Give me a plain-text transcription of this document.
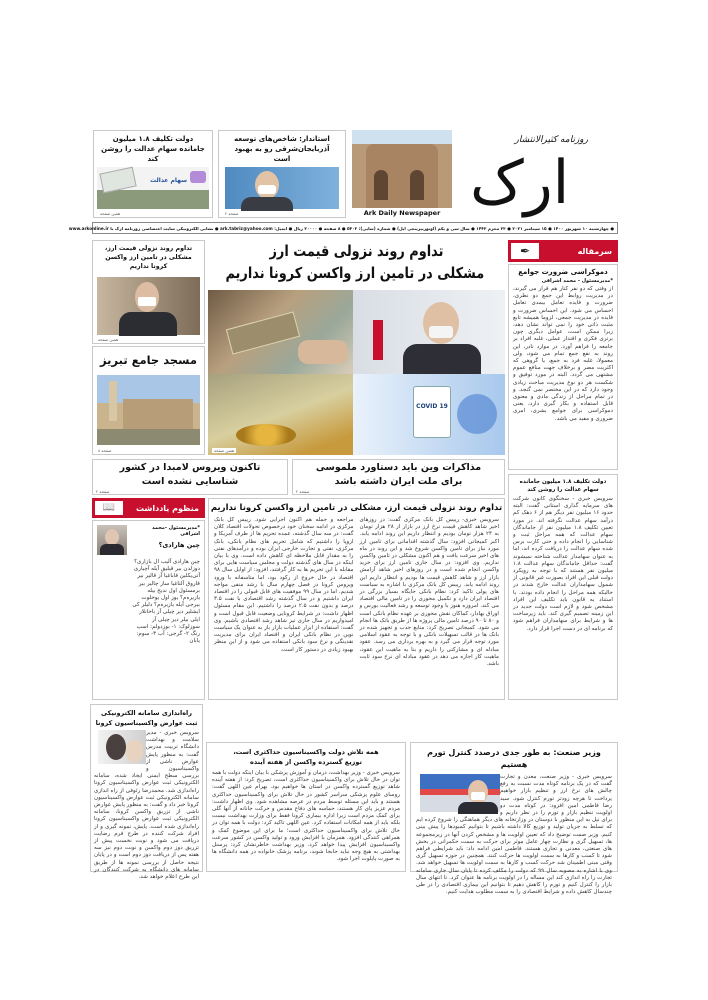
روزنامه کثیرالانتشار
ارک
Ark Daily Newspaper
استاندار: شاخص‌های توسعه آذربایجان‌شرقی رو به بهبود است
صفحه ۲
دولت تکلیف ۱.۸ میلیون جامانده سهام عدالت را روشن کند
سهام عدالت
همین صفحه
● چهارشنبه ۱۰ شهریور ۱۴۰۰ ● ۱۵ سپتامبر ۲۰۲۱ ● ۲۳ محرم ۱۴۴۳ ● سال سی و یکم (اوتوزبیرینجی ایل) ● شماره (سایی): ۵۴۰۲ ● ۸ صفحه ● ۲۰۰۰۰ ریال ● ایمیل: ark.tabriz@yahoo.com ● نشانی الکترونیکی سایت اختصاصی روزنامه ارک با www.arkonline.ir
سرمقاله
✒
دموکراسی ضرورت جوامع
*مدیرمسئول - محمد اشراقی
از وقتی که دو نفر کنار هم قرار می گیرند، در مدیریت روابط این جمع دو نظری، ضرورت و فایده تعامل بیمدی تعامل احساس می شود. این احساس ضرورت و فایده در مدیریت جمعی، لزوما همیشه تابع مثبت ذاتی خود را نمی تواند نشان دهد، زیرا ممکن است، عوامل دیگری چون برتری فکری و اقتدار عملی، غلبه افراد بر جامعه را فراهم آورد. در موارد نادر، این روند به نفع جمع تمام می شود، ولی معمولا، غلبه فرد به جمع، یا گروهی که اکثریت مضر و برخلاف جهت منافع عموم مشتهی می گردد. البته در مورد توفیق و شکست هر دو نوع مدیریت مباحث زیادی وجود دارد که در این مختصر نمی گنجد. و در تمام مراحل از زندگی مادی و معنوی قابل استفاده و بکار گیری دارد، یعنی دموکراسی برای جوامع بشری، امری ضروری و مفید می باشد.
تداوم روند نزولی قیمت ارز
مشکلی در تامین ارز واکسن کرونا نداریم
همین صفحه
COVID 19
تداوم روند نزولی قیمت ارز، مشکلی در تامین ارز واکسن کرونا نداریم
همین صفحه
مسجد جامع تبریز
صفحه ۸
مذاکرات وین باید دستاورد ملموسی برای ملت ایران داشته باشد
صفحه ۲
تاکنون ویروس لامبدا در کشور شناسایی نشده است
صفحه ۲
دولت تکلیف ۱.۸ میلیون جامانده سهام عدالت را روشن کند
سرویس خبری - سخنگوی کانون شرکت های سرمایه گذاری استانی گفت: البته حدود ۱۶ میلیون نفر دیگر هم از ۶ دهک کم درآمد سهام عدالت نگرفته اند. در مورد تعیین تکلیف ۱.۸ میلیون نفر از جاماندگان سهام عدالت که همه مراحل ثبت و شناسایی را انجام داده و حتی کارت برس شده سهام عدالت را دریافت کرده اند، اما به عنوان سهامدار عدالت شناخته نمیشوند گفت: حداقل جاماندگان سهام عدالت ۱.۸ میلیون نفر هستند که با توجه به رویکرد دولت قبلی این افراد بصورت غیر قانونی از شمول سهامداران عدالت خارج شدند در حالیکه همه مراحل را انجام داده بودند. با استناد به قانون باید تکلیف این افراد مشخص شود و لازم است دولت جدید در این زمینه تصمیم گیری کند. باید زیرساخت ها و شرایط برای سهامداران فراهم شود که برنامه ای در دست اجرا قرار دارد.
منظوم یادداشت
📖
*مدیرمسئول -محمد اشراقی
چین هارادی؟
چین هارادی آلیب ال بازاری؟ دوزلدن بیر قیلیق آیله آچیاری آتی‌یکلین قاباغیا آز قالیر بیر قاروق آلتاغیا ساز چالیر بیر برمسئول اول ندیخ بیله یازیره‌م؟ یوز اول یوخلوت بیرجی آیله یازیره‌م؟ دلیلر کی ایشلیر دیر چیلی آز باخانلار ایلی بیلر دیر چیلی آز سوزلوک: ۱- بوزدولم: اسپ رنگ ۲- گرجی: آب ۳- سوم: یابان
تداوم روند نزولی قیمت ارز، مشکلی در تامین ارز واکسن کرونا نداریم
سرویس خبری- رییس کل بانک مرکزی گفت: در روزهای اخیر شاهد کاهش قیمت نرخ ارز در بازار از ۲۸ هزار تومان به ۲۴ هزار تومان بودیم و انتظار داریم این روند ادامه یابد. اکبر کمیجانی افزود: سال گذشته اقداماتی برای تامین ارز مورد نیاز برای تامین واکسن شروع شد و این روند در ماه های اخیر سرعت یافت و هم اکنون مشکلی در تامین واکسن نداریم. وی افزود: در سال جاری تامین ارز برای خرید واکسن انجام شده است و در روزهای اخیر شاهد آرامش بازار ارز و شاهد کاهش قیمت ها بودیم و انتظار داریم این روند ادامه یابد. رییس کل بانک مرکزی با اشاره به سیاست های پولی تاکید کرد: نظام بانکی جایگاه بسیار بزرگی در اقتصاد ایران دارد و تکمیل محوری را در تامین مالی اقتصاد می کند. امروزه هنوز با وجود توسعه و رشد فعالیت بورس و اوراق بهادار، کماکان نقش محوری بر عهده نظام بانکی است و ۸۰ تا ۹۰ درصد تامین مالی پروژه ها از طریق بانک ها انجام می شود. کمیجانی تصریح کرد: منابع جذب و تجهیز شده در بانک ها در قالب تسهیلات بانکی و با توجه به عقود اسلامی مورد توجه قرار می گیرد و به بهره برداری می رسد. عقود مبادله ای و مشارکتی را داریم و بنا به ماهیت این عقود، ماهیت کار اجازه می دهد در عقود مبادله ای نرخ سود ثابت باشد.
مراجعه و جمله هم اکنون اجرایی شود. رییس کل بانک مرکزی در ادامه سخنان خود درخصوص تحولات اقتصاد کلان گفت: در سه سال گذشته، عمده تحریم ها از طرف آمریکا و اروپا را داشتیم که شامل تحریم های نظام بانکی، بانک مرکزی، نفتی و تجارت خارجی ایران بوده و درآمدهای نفتی را به مقدار قابل ملاحظه ای کاهش داده است. وی با بیان اینکه در سال های گذشته دولت و مجلس سیاست هایی برای مقابله با این تحریم ها به کار گرفتند، افزود: از اوایل سال ۹۸ اقتصاد در حال خروج از رکود بود، اما متاسفانه با ورود ویروس کرونا در فصل چهارم سال با رشد منفی مواجه شدیم. اما در سال ۹۹ موفقیت های قابل قبولی را در اقتصاد ایران داشتیم و در سال گذشته رشد اقتصادی با نفت ۳.۵ درصد و بدون نفت ۲.۵ درصد را داشتیم. این مقام مسئول اظهار داشت: در شرایط کرونایی وضعیت قابل قبول است و امیدواریم در سال جاری نیز شاهد رشد اقتصادی باشیم. وی گفت: استفاده از ابزار عملیات بازار باز به عنوان یک سیاست نوین در نظام بانکی ایران و اقتصاد ایران برای مدیریت نقدینگی و نرخ سود بانکی استفاده می شود و از این منظر بهبود زیادی در دستور کار است.
راه‌اندازی سامانه الکترونیکی ثبت عوارض واکسیناسیون کرونا
سرویس خبری - مدیر سلامت و بهداشت دانشگاه تربیت مدرس گفت: به منظور پایش عوارض ناشی از واکسیناسیون و بررسی سطح ایمنی ایجاد شده، سامانه الکترونیکی ثبت عوارض واکسیناسیون کرونا راه‌اندازی شد. محمدرضا رئوفی از راه اندازی سامانه الکترونیکی ثبت عوارض واکسیناسیون کرونا خبر داد و گفت: به منظور پایش عوارض ناشی از تزریق واکسن کرونا، سامانه الکترونیکی ثبت عوارض واکسیناسیون کرونا راه‌اندازی شده است. پایش، نمونه گیری و از افراد شرکت کننده در طرح فرم رضایت دریافت می شود و نوبت نخست پیش از تزریق دوز دوم واکسن و نوبت دوم نیز سه هفته پس از دریافت دوز دوم است و در پایان نتیجه حاصل از بررسی نمونه ها از طریق سامانه های دانشگاه به شرکت کنندگان در این طرح اعلام خواهد شد.
همه تلاش دولت واکسیناسیون حداکثری است، توزیع گسترده واکسن از هفته آینده
سرویس خبری - وزیر بهداشت، درمان و آموزش پزشکی با بیان اینکه دولت با همه توان در حال تلاش برای واکسیناسیون حداکثری است، تصریح کرد: از هفته آینده شاهد توزیع گسترده واکسن در استان ها خواهیم بود. بهرام عین اللهی گفت: روسای علوم پزشکی سراسر کشور در حال تلاش برای واکسیناسیون حداکثری هستند و باید این مسئله توسط مردم در عرصه مشاهده شود. وی اظهار داشت: مردم عزیز پای کار هستند، حماسه های دفاع مقدس و حرکت جانانه از آنها گلی برای کمک مردم است زیرا اداره بیماری کرونا فقط برای وزارت بهداشت نیست بلکه باید از همه امکانات استفاده کرد. عین اللهی تاکید کرد: دولت با همه توان در حال تلاش برای واکسیناسیون حداکثری است؛ ما برای این موضوع کمک و همراهی کنندگی افزود. همزمان با افزایش ورود و تولید واکسن در کشور سرعت واکسیناسیون افزایش پیدا خواهد کرد. وزیر بهداشت خاطرنشان کرد: پرسنل بهداشتی به هیچ وجه نباید جابجا شوند، برنامه پزشک خانواده در همه دانشگاه ها به صورت پایلوت اجرا شود.
وزیر صنعت: به طور جدی درصدد کنترل تورم هستیم
سرویس خبری - وزیر صنعت، معدن و تجارت گفت که در یک برنامه کوتاه مدت نسبت به رفع چالش های نرخ ارز و تنظیم بازار خواهیم پرداخت تا هرچه زودتر تورم کنترل شود. سید رضا فاطمی امین افزود: در کوتاه مدت دو اولویت تنظیم بازار و تورم را در نظر داریم و برای نیل به این منظور با دوستان در وزارتخانه های دیگر هماهنگی را شروع کرده ایم که تسلط به جریان تولید و توزیع کالا داشته باشیم تا بتوانیم کمبودها را پیش بینی کنیم. وزیر صمت توضیح داد که تعیین اولویت ها و مشخص کردن آنها در زیرمجموعه ها، تسهیل گری و نظارت چهار عامل موثر برای حرکت به سمت حکمرانی در بخش های صنعتی، معدنی و تجاری هستند. فاطمی امین ادامه داد: باید شرایطی فراهم شود تا کسب و کارها به سمت اولویت ها حرکت کنند. همچنین در حوزه تسهیل گری وقتی مبنی اطمینان شد حرکت کسب و کارها به سمت اولویت ها تسهیل خواهد شد. وی با اشاره به مصوبه سال ۹۹ که دولت را مکلف کرده تا پایان سال جاری سامانه تجارت را راه اندازی کند این مساله را در اولویت برنامه ها عنوان کرد. تا انتهای سال بازار را کنترل کنیم و تورم را کاهش دهیم تا بتوانیم این بیماری اقتصادی را در طی چندسال کاهش داده و شرایط اقتصادی را به سمت مطلوب هدایت کنیم.
